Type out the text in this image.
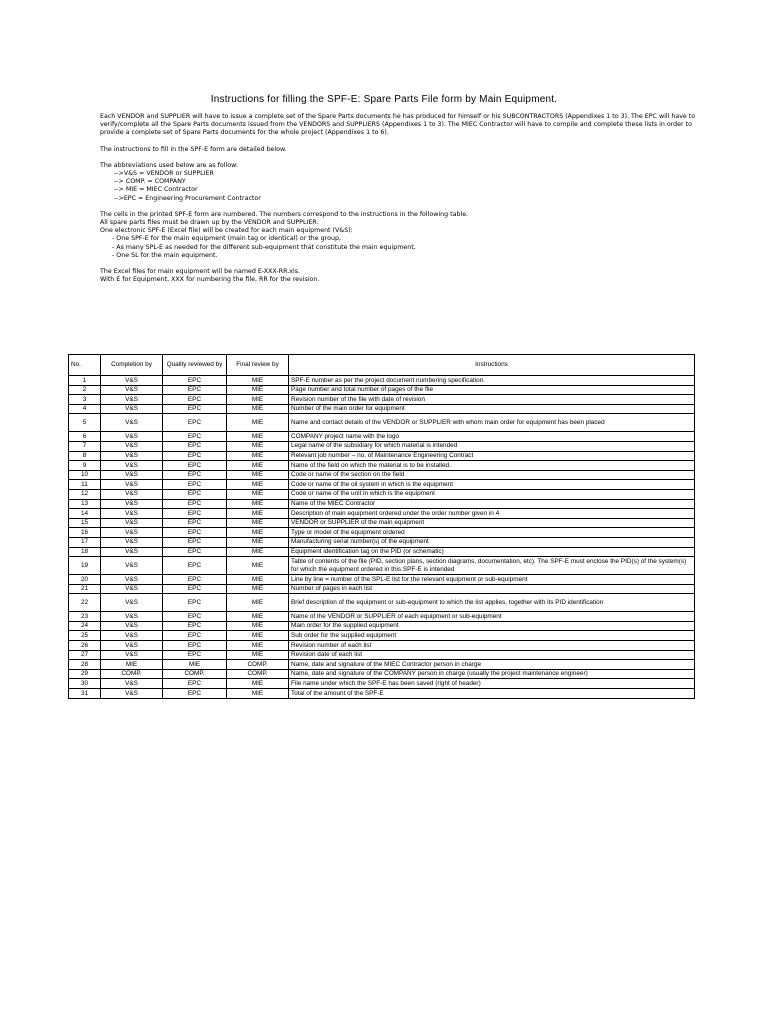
Instructions for filling the SPF-E: Spare Parts File form by Main Equipment.
Each VENDOR and SUPPLIER will have to issue a complete set of the Spare Parts documents he has produced for himself or his SUBCONTRACTORS (Appendixes 1 to 3). The EPC will have to verify/complete all the Spare Parts documents issued from the VENDORS and SUPPLIERS (Appendixes 1 to 3). The MIEC Contractor will have to compile and complete these lists in order to provide a complete set of Spare Parts documents for the whole project (Appendixes 1 to 6).
The instructions to fill in the SPF-E form are detailed below.
The abbreviations used below are as follow:
-->V&S = VENDOR or SUPPLIER
--> COMP. = COMPANY
--> MIE = MIEC Contractor
-->EPC = Engineering Procurement Contractor
The cells in the printed SPF-E form are numbered. The numbers correspond to the instructions in the following table.
All spare parts files must be drawn up by the VENDOR and SUPPLIER.
One electronic SPF-E (Excel file) will be created for each main equipment (V&S):
- One SPF-E for the main equipment (main tag or identical) or the group,
- As many SPL-E as needed for the different sub-equipment that constitute the main equipment,
- One SL for the main equipment.
The Excel files for main equipment will be named E-XXX-RR.xls.
With E for Equipment, XXX for numbering the file, RR for the revision.
No.	Completion by	Quality reviewed by	Final review by	Instructions
1	V&S	EPC	MIE	SPF-E number as per the project document numbering specification.
2	V&S	EPC	MIE	Page number and total number of pages of the file
3	V&S	EPC	MIE	Revision number of the file with date of revision
4	V&S	EPC	MIE	Number of the main order for equipment
5	V&S	EPC	MIE	Name and contact details of the VENDOR or SUPPLIER with whom main order for equipment has been placed
6	V&S	EPC	MIE	COMPANY project name with the logo
7	V&S	EPC	MIE	Legal name of the subsidiary for which material is intended
8	V&S	EPC	MIE	Relevant job number – no. of Maintenance Engineering Contract
9	V&S	EPC	MIE	Name of the field on which the material is to be installed.
10	V&S	EPC	MIE	Code or name of the section on the field
11	V&S	EPC	MIE	Code or name of the oil system in which is the equipment
12	V&S	EPC	MIE	Code or name of the unit in which is the equipment
13	V&S	EPC	MIE	Name of the MIEC Contractor
14	V&S	EPC	MIE	Description of main equipment ordered under the order number given in 4
15	V&S	EPC	MIE	VENDOR or SUPPLIER of the main equipment
16	V&S	EPC	MIE	Type or model of the equipment ordered
17	V&S	EPC	MIE	Manufacturing serial number(s) of the equipment
18	V&S	EPC	MIE	Equipment identification tag on the PID (or schematic)
19	V&S	EPC	MIE	Table of contents of the file (PID, section plans, section diagrams, documentation, etc). The SPF-E must enclose the PID(s) of the system(s) for which the equipment ordered in this SPF-E is intended
20	V&S	EPC	MIE	Line by line = number of the SPL-E list for the relevant equipment or sub-equipment
21	V&S	EPC	MIE	Number of pages in each list
22	V&S	EPC	MIE	Brief description of the equipment or sub-equipment to which the list applies, together with its PID identification
23	V&S	EPC	MIE	Name of the VENDOR or SUPPLIER of each equipment or sub-equipment
24	V&S	EPC	MIE	Main order for the supplied equipment
25	V&S	EPC	MIE	Sub order for the supplied equipment
26	V&S	EPC	MIE	Revision number of each list
27	V&S	EPC	MIE	Revision date of each list
28	MIE	MIE	COMP.	Name, date and signature of the MIEC Contractor person in charge
29	COMP.	COMP.	COMP.	Name, date and signature of the COMPANY person in charge (usually the project maintenance engineer)
30	V&S	EPC	MIE	File name under which the SPF-E has been saved (right of header)
31	V&S	EPC	MIE	Total of the amount of the SPF-E
